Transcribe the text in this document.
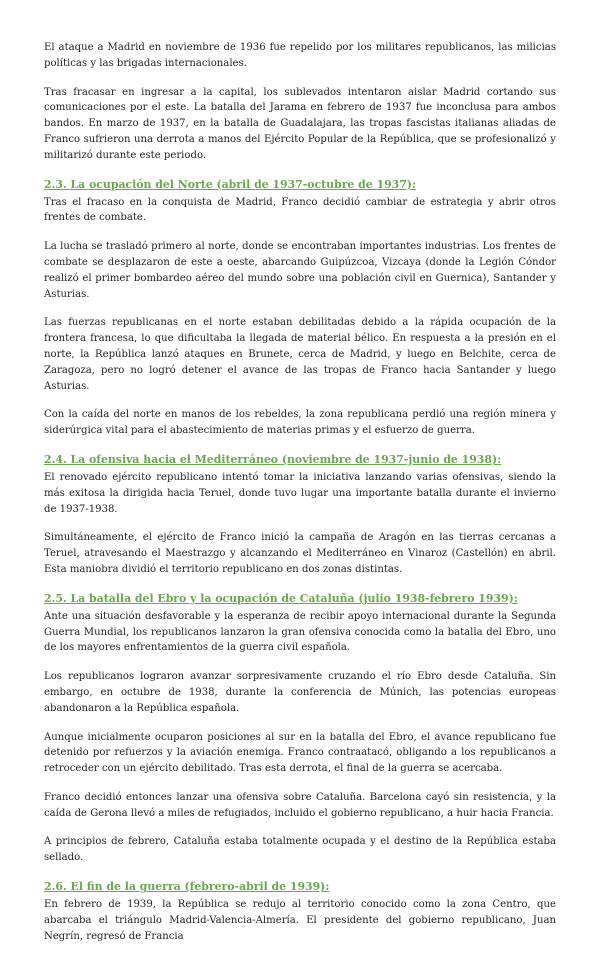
El ataque a Madrid en noviembre de 1936 fue repelido por los militares republicanos, las milicias políticas y las brigadas internacionales.

Tras fracasar en ingresar a la capital, los sublevados intentaron aislar Madrid cortando sus comunicaciones por el este. La batalla del Jarama en febrero de 1937 fue inconclusa para ambos bandos. En marzo de 1937, en la batalla de Guadalajara, las tropas fascistas italianas aliadas de Franco sufrieron una derrota a manos del Ejército Popular de la República, que se profesionalizó y militarizó durante este periodo.

2.3. La ocupación del Norte (abril de 1937-octubre de 1937):

Tras el fracaso en la conquista de Madrid, Franco decidió cambiar de estrategia y abrir otros frentes de combate.

La lucha se trasladó primero al norte, donde se encontraban importantes industrias. Los frentes de combate se desplazaron de este a oeste, abarcando Guipúzcoa, Vizcaya (donde la Legión Cóndor realizó el primer bombardeo aéreo del mundo sobre una población civil en Guernica), Santander y Asturias.

Las fuerzas republicanas en el norte estaban debilitadas debido a la rápida ocupación de la frontera francesa, lo que dificultaba la llegada de material bélico. En respuesta a la presión en el norte, la República lanzó ataques en Brunete, cerca de Madrid, y luego en Belchite, cerca de Zaragoza, pero no logró detener el avance de las tropas de Franco hacia Santander y luego Asturias.

Con la caída del norte en manos de los rebeldes, la zona republicana perdió una región minera y siderúrgica vital para el abastecimiento de materias primas y el esfuerzo de guerra.

2.4. La ofensiva hacia el Mediterráneo (noviembre de 1937-junio de 1938):

El renovado ejército republicano intentó tomar la iniciativa lanzando varias ofensivas, siendo la más exitosa la dirigida hacia Teruel, donde tuvo lugar una importante batalla durante el invierno de 1937-1938.

Simultáneamente, el ejército de Franco inició la campaña de Aragón en las tierras cercanas a Teruel, atravesando el Maestrazgo y alcanzando el Mediterráneo en Vinaroz (Castellón) en abril. Esta maniobra dividió el territorio republicano en dos zonas distintas.

2.5. La batalla del Ebro y la ocupación de Cataluña (julio 1938-febrero 1939):

Ante una situación desfavorable y la esperanza de recibir apoyo internacional durante la Segunda Guerra Mundial, los republicanos lanzaron la gran ofensiva conocida como la batalla del Ebro, uno de los mayores enfrentamientos de la guerra civil española.

Los republicanos lograron avanzar sorpresivamente cruzando el río Ebro desde Cataluña. Sin embargo, en octubre de 1938, durante la conferencia de Múnich, las potencias europeas abandonaron a la República española.

Aunque inicialmente ocuparon posiciones al sur en la batalla del Ebro, el avance republicano fue detenido por refuerzos y la aviación enemiga. Franco contraatacó, obligando a los republicanos a retroceder con un ejército debilitado. Tras esta derrota, el final de la guerra se acercaba.

Franco decidió entonces lanzar una ofensiva sobre Cataluña. Barcelona cayó sin resistencia, y la caída de Gerona llevó a miles de refugiados, incluido el gobierno republicano, a huir hacia Francia.

A principios de febrero, Cataluña estaba totalmente ocupada y el destino de la República estaba sellado.

2.6. El fin de la guerra (febrero-abril de 1939):

En febrero de 1939, la República se redujo al territorio conocido como la zona Centro, que abarcaba el triángulo Madrid-Valencia-Almería. El presidente del gobierno republicano, Juan Negrín, regresó de Francia
